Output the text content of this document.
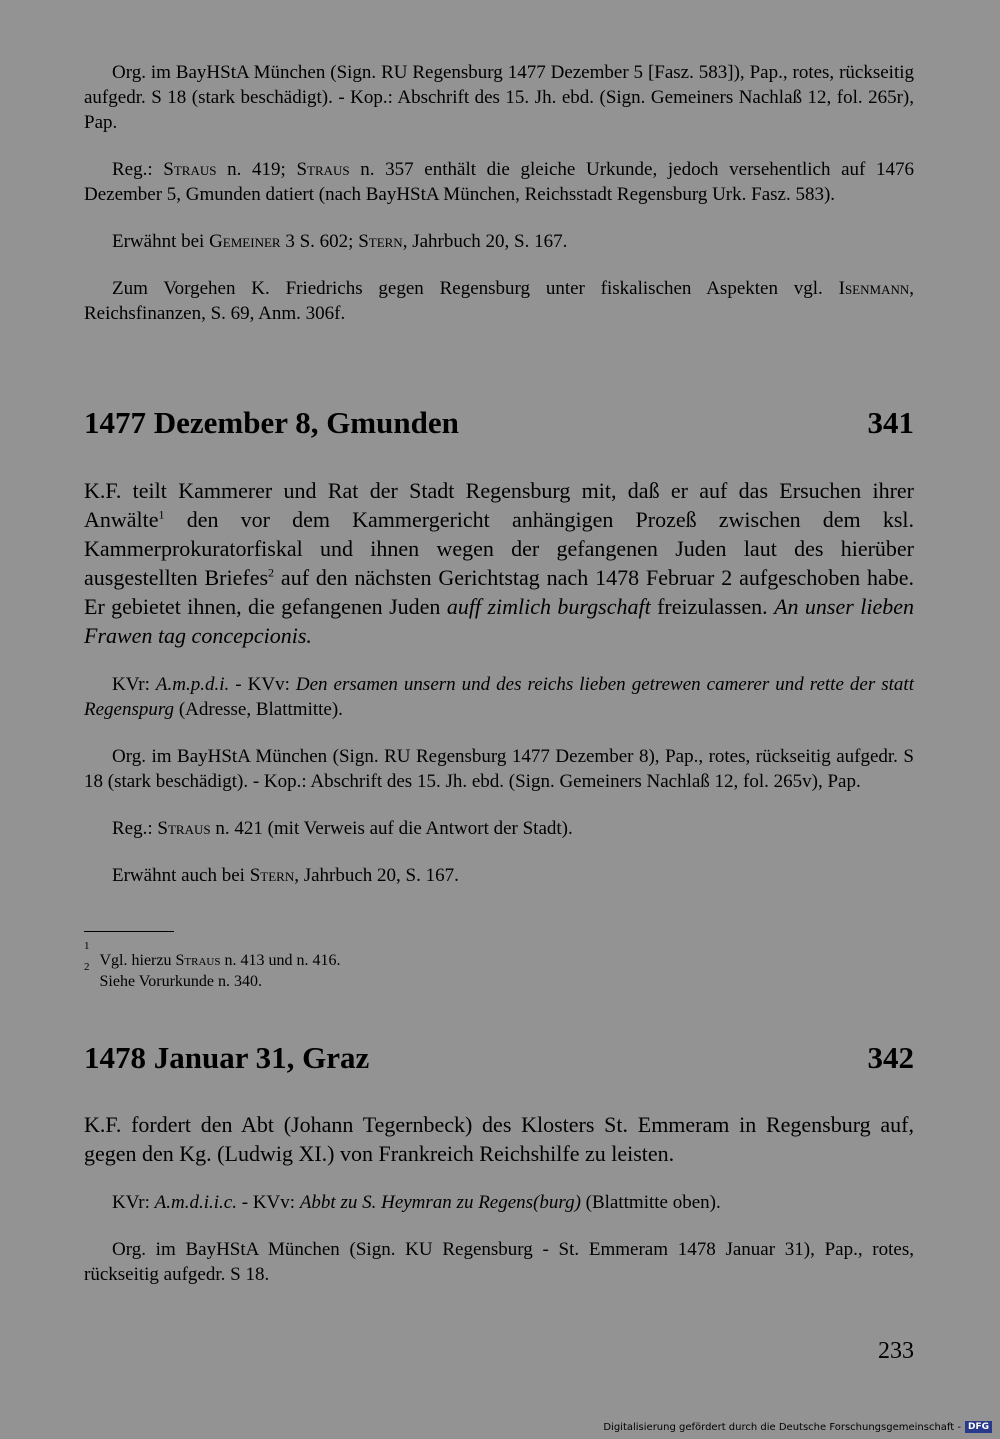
Org. im BayHStA München (Sign. RU Regensburg 1477 Dezember 5 [Fasz. 583]), Pap., rotes, rückseitig aufgedr. S 18 (stark beschädigt). - Kop.: Abschrift des 15. Jh. ebd. (Sign. Gemeiners Nachlaß 12, fol. 265r), Pap.

Reg.: Straus n. 419; Straus n. 357 enthält die gleiche Urkunde, jedoch versehentlich auf 1476 Dezember 5, Gmunden datiert (nach BayHStA München, Reichsstadt Regensburg Urk. Fasz. 583).

Erwähnt bei Gemeiner 3 S. 602; Stern, Jahrbuch 20, S. 167.

Zum Vorgehen K. Friedrichs gegen Regensburg unter fiskalischen Aspekten vgl. Isenmann, Reichsfinanzen, S. 69, Anm. 306f.

1477 Dezember 8, Gmunden	341

K.F. teilt Kammerer und Rat der Stadt Regensburg mit, daß er auf das Ersuchen ihrer Anwälte$^1$ den vor dem Kammergericht anhängigen Prozeß zwischen dem ksl. Kammerprokuratorfiskal und ihnen wegen der gefangenen Juden laut des hierüber ausgestellten Briefes$^2$ auf den nächsten Gerichtstag nach 1478 Februar 2 aufgeschoben habe. Er gebietet ihnen, die gefangenen Juden auff zimlich burgschaft freizulassen. An unser lieben Frawen tag concepcionis.

KVr: A.m.p.d.i. - KVv: Den ersamen unsern und des reichs lieben getrewen camerer und rette der statt Regenspurg (Adresse, Blattmitte).

Org. im BayHStA München (Sign. RU Regensburg 1477 Dezember 8), Pap., rotes, rückseitig aufgedr. S 18 (stark beschädigt). - Kop.: Abschrift des 15. Jh. ebd. (Sign. Gemeiners Nachlaß 12, fol. 265v), Pap.

Reg.: Straus n. 421 (mit Verweis auf die Antwort der Stadt).

Erwähnt auch bei Stern, Jahrbuch 20, S. 167.

$^1$Vgl. hierzu Straus n. 413 und n. 416.

$^2$Siehe Vorurkunde n. 340.

1478 Januar 31, Graz	342

K.F. fordert den Abt (Johann Tegernbeck) des Klosters St. Emmeram in Regensburg auf, gegen den Kg. (Ludwig XI.) von Frankreich Reichshilfe zu leisten.

KVr: A.m.d.i.i.c. - KVv: Abbt zu S. Heymran zu Regens(burg) (Blattmitte oben).

Org. im BayHStA München (Sign. KU Regensburg - St. Emmeram 1478 Januar 31), Pap., rotes, rückseitig aufgedr. S 18.

233
Digitalisierung gefördert durch die Deutsche Forschungsgemeinschaft - DFG
